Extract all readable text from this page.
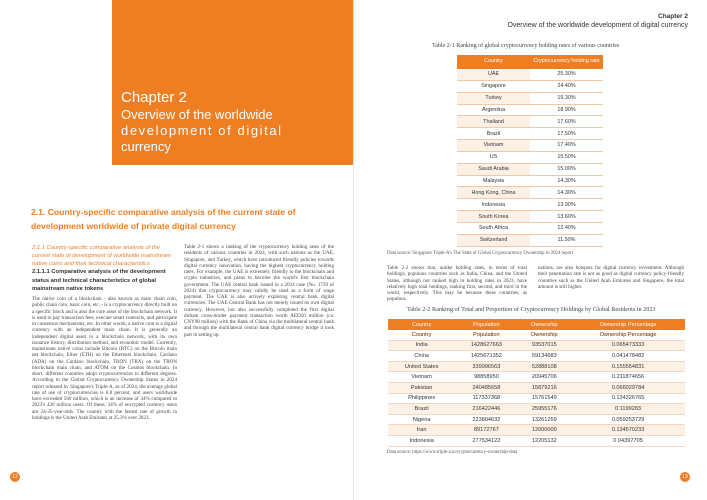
Chapter 2
Overview of the worldwide
development of digital
currency
2.1. Country-specific comparative analysis of the current state of development worldwide of private digital currency
2.1.1 Country-specific comparative analysis of the current state of development of worldwide mainstream native coins and their technical characteristics
2.1.1.1 Comparative analysis of the development status and technical characteristics of global mainstream native tokens
The native coin of a blockchain - also known as main chain coin, public chain coin, basic coin, etc. - is a cryptocurrency directly built on a specific block and is also the core asset of the blockchain network. It is used to pay transaction fees, execute smart contracts, and participate in consensus mechanisms, etc. In other words, a native coin is a digital currency with an independent main chain. It is generally an independent digital asset in a blockchain network, with its own issuance history, distribution method, and economic model. Currently, mainstream native coins include Bitcoin (BTC) on the Bitcoin main net blockchain, Ether (ETH) on the Ethereum blockchain, Cardano (ADA) on the Cardano blockchain, TRON (TRX) on the TRON blockchain main chain, and ATOM on the Cosmos blockchain. In short, different countries adopt cryptocurrencies to different degrees. According to the Global Cryptocurrency Ownership Status in 2024 report released by Singapore's Triple-A, as of 2024, the average global rate of use of cryptocurrencies is 6.8 percent, and users worldwide have exceeded 560 million, which is an increase of 34% compared to 2023's 420 million users. Of these, 34% of encrypted currency users are 24-35-year-olds. The country with the fastest rate of growth in holdings is the United Arab Emirates at 25.3% over 2023.
Table 2-1 shows a ranking of the cryptocurrency holding rates of the residents of various countries in 2024, with such nations as the UAE, Singapore, and Turkey, which have introduced friendly policies towards digital currency innovation, having the highest cryptocurrency holding rates. For example, the UAE is extremely friendly to the blockchain and crypto industries, and plans to become the world's first blockchain government. The UAE central bank issued in a 2024 case (No. 1739 of 2024) that cryptocurrency may validly be used as a form of wage payment. The UAE is also actively exploring central bank digital currencies. The UAE Central Bank has not merely issued its own digital currency. However, but also successfully completed the first digital dirham cross-border payment transaction worth AED50 million (ca. CNY98 million) with the Bank of China via the multilateral central bank and through the multilateral central bank digital currency bridge it took part in setting up.
12
Chapter 2
Overview of the worldwide development of digital currency
Table 2-1 Ranking of global cryptocurrency holding rates of various countries
Country	Cryptocurrency holding rate
UAE	25.30%
Singapore	24.40%
Turkey	19.30%
Argentina	18.90%
Thailand	17.60%
Brazil	17.50%
Vietnam	17.40%
US	15.50%
Saudi Arabia	15.00%
Malaysia	14.30%
Hong Kong, China	14.30%
Indonesia	13.90%
South Korea	13.60%
South Africa	12.40%
Switzerland	11.50%
Data source: Singapore Triple-A's The State of Global Cryptocurrency Ownership in 2024 report
Table 2-2 shows that, unlike holding rates, in terms of total holdings, populous countries such as India, China, and the United States, although not ranked high in holding rates in 2023, have relatively high total holdings, ranking first, second, and third in the world, respectively. This may be because these countries, as populous
nations, are also hotspots for digital currency investment. Although their penetration rate is not as good as digital currency policy-friendly countries such as the United Arab Emirates and Singapore, the total amount is still higher.
Table 2-2 Ranking of Total and Proportion of Cryptocurrency Holdings by Global Residents in 2023
Country	Population	Ownership	Ownership Percentage
Country	Population	Ownership	Ownership Percentage
India	1428627663	93537015	0.065473333
China	1425671352	59134683	0.041478482
United States	339996563	52888108	0.155554831
Vietnam	98858950	20945706	0.211874656
Pakistan	240485658	15879216	0.066029784
Philippines	117337368	15761549	0.134326765
Brazil	216422446	25955176	0.1199283
Nigeria	223804632	13261259	0.059253729
Iran	89172767	12000000	0.134570233
Indonesia	277534122	12205132	0.04397705
Data source: https://www.triple-a.io/cryptocurrency-ownership-data
13
